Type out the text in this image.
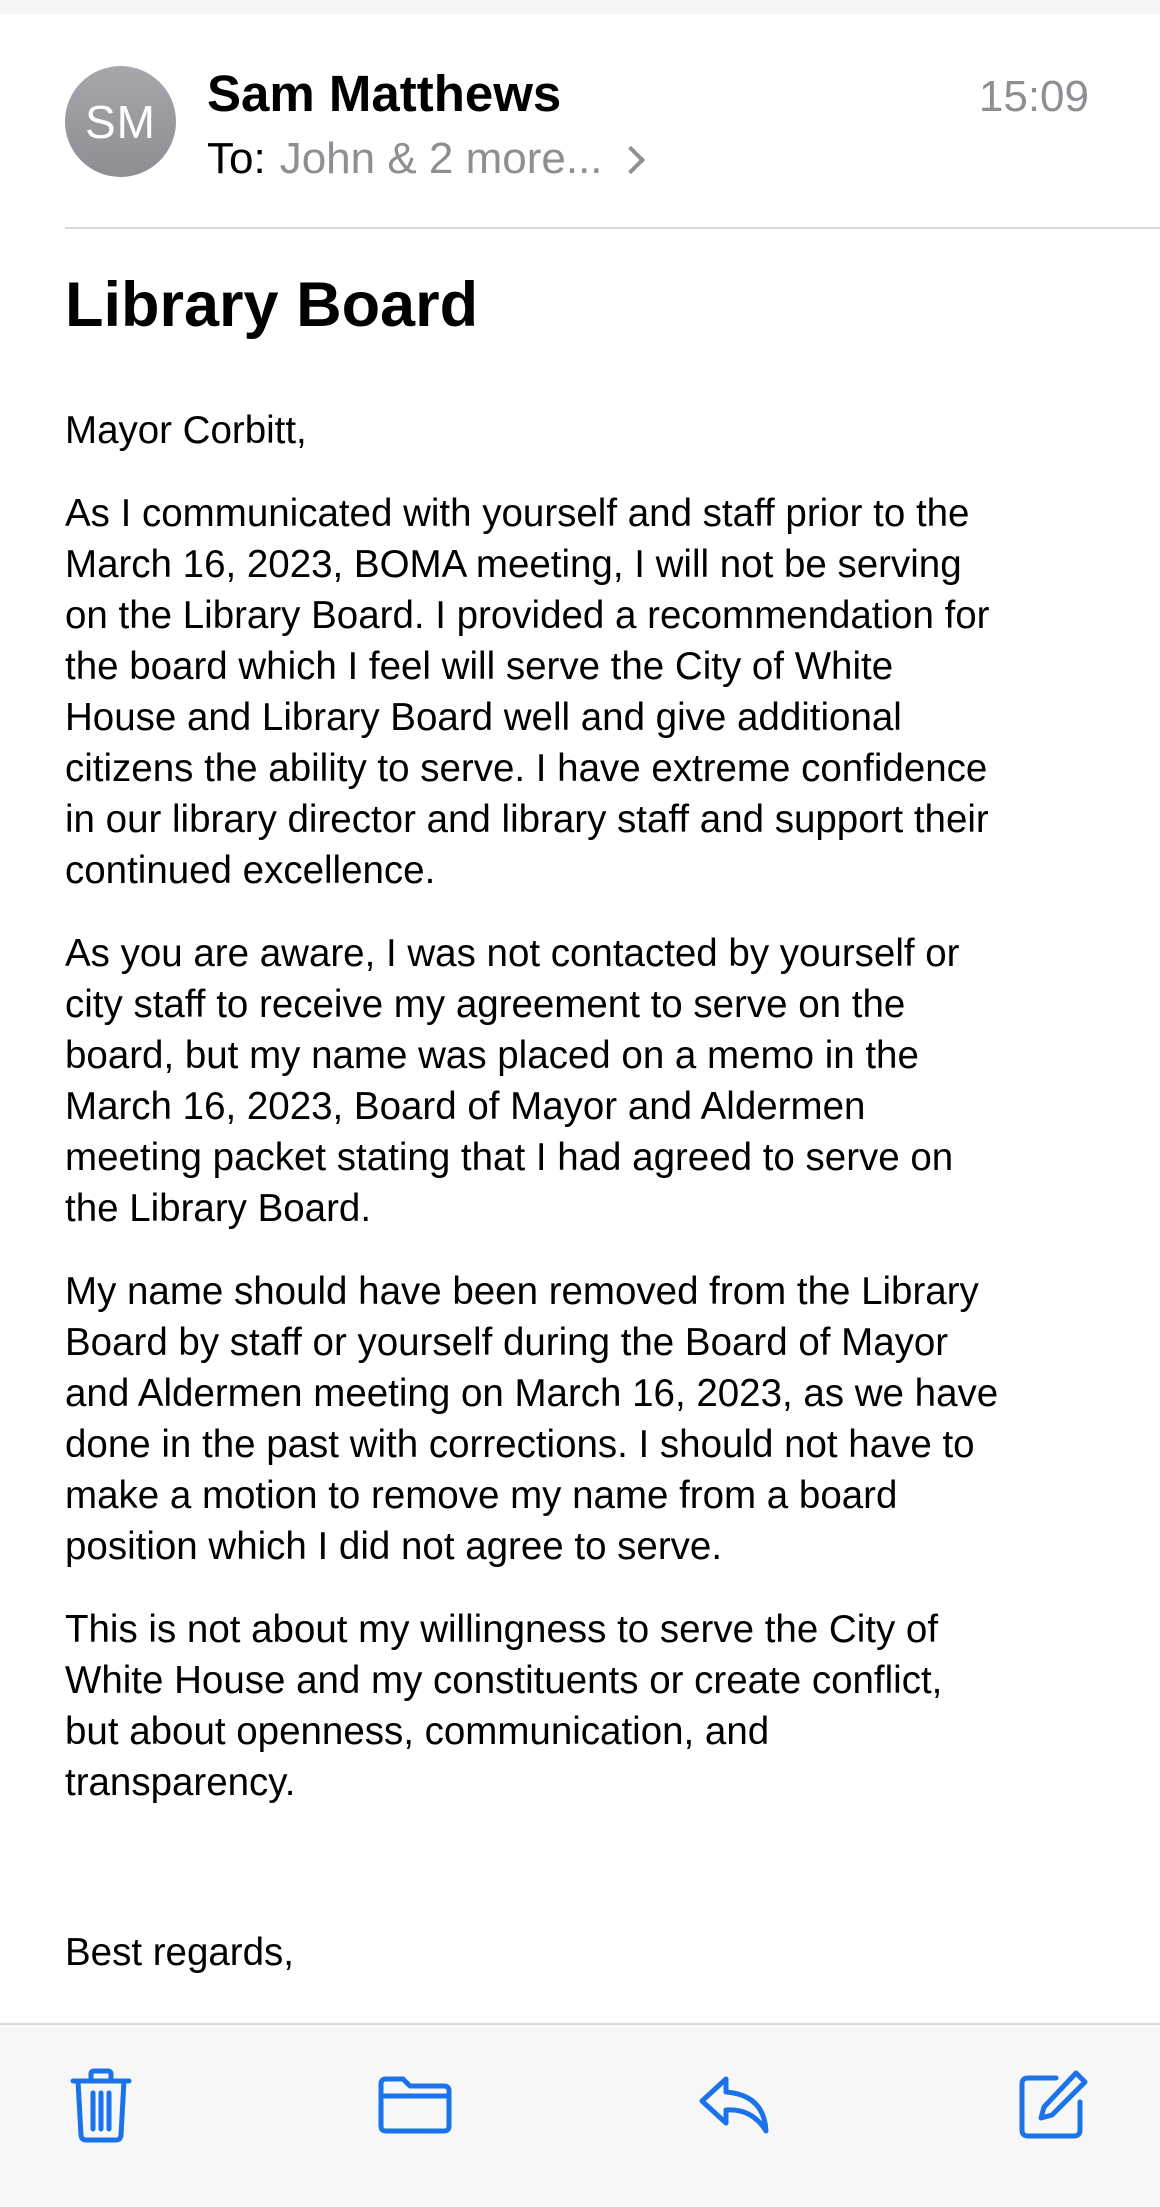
SM	Sam Matthews	15:09
To: John & 2 more...
Library Board

Mayor Corbitt,

As I communicated with yourself and staff prior to the
March 16, 2023, BOMA meeting, I will not be serving
on the Library Board. I provided a recommendation for
the board which I feel will serve the City of White
House and Library Board well and give additional
citizens the ability to serve. I have extreme confidence
in our library director and library staff and support their
continued excellence.

As you are aware, I was not contacted by yourself or
city staff to receive my agreement to serve on the
board, but my name was placed on a memo in the
March 16, 2023, Board of Mayor and Aldermen
meeting packet stating that I had agreed to serve on
the Library Board.

My name should have been removed from the Library
Board by staff or yourself during the Board of Mayor
and Aldermen meeting on March 16, 2023, as we have
done in the past with corrections. I should not have to
make a motion to remove my name from a board
position which I did not agree to serve.

This is not about my willingness to serve the City of
White House and my constituents or create conflict,
but about openness, communication, and
transparency.

Best regards,
